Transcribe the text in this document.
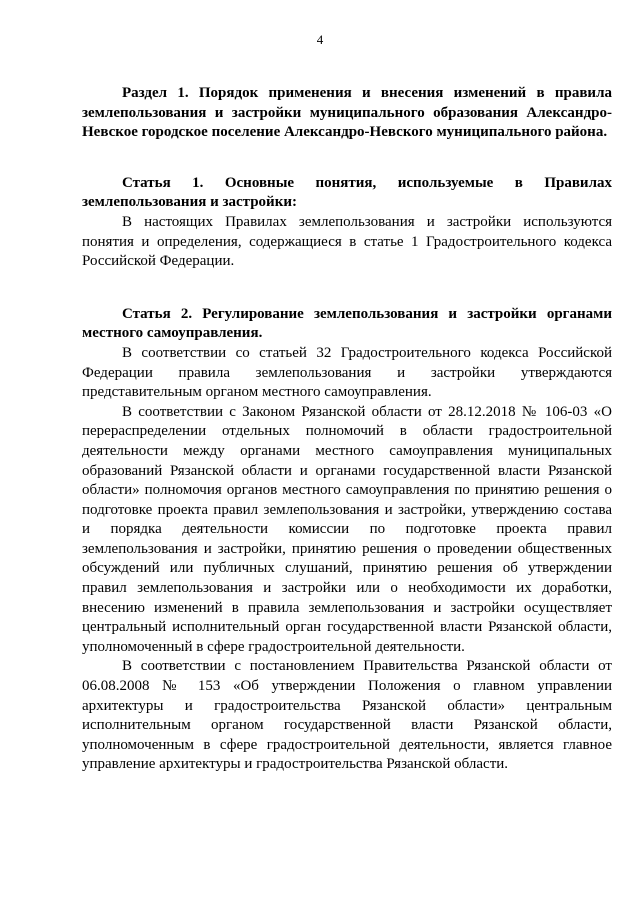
4

Раздел 1. Порядок применения и внесения изменений в правила землепользования и застройки муниципального образования Александро-Невское городское поселение Александро-Невского муниципального района.

Статья 1. Основные понятия, используемые в Правилах землепользования и застройки:

В настоящих Правилах землепользования и застройки используются понятия и определения, содержащиеся в статье 1 Градостроительного кодекса Российской Федерации.

Статья 2. Регулирование землепользования и застройки органами местного самоуправления.

В соответствии со статьей 32 Градостроительного кодекса Российской Федерации правила землепользования и застройки утверждаются представительным органом местного самоуправления.

В соответствии с Законом Рязанской области от 28.12.2018 № 106-03 «О перераспределении отдельных полномочий в области градостроительной деятельности между органами местного самоуправления муниципальных образований Рязанской области и органами государственной власти Рязанской области» полномочия органов местного самоуправления по принятию решения о подготовке проекта правил землепользования и застройки, утверждению состава и порядка деятельности комиссии по подготовке проекта правил землепользования и застройки, принятию решения о проведении общественных обсуждений или публичных слушаний, принятию решения об утверждении правил землепользования и застройки или о необходимости их доработки, внесению изменений в правила землепользования и застройки осуществляет центральный исполнительный орган государственной власти Рязанской области, уполномоченный в сфере градостроительной деятельности.

В соответствии с постановлением Правительства Рязанской области от 06.08.2008 № 153 «Об утверждении Положения о главном управлении архитектуры и градостроительства Рязанской области» центральным исполнительным органом государственной власти Рязанской области, уполномоченным в сфере градостроительной деятельности, является главное управление архитектуры и градостроительства Рязанской области.
